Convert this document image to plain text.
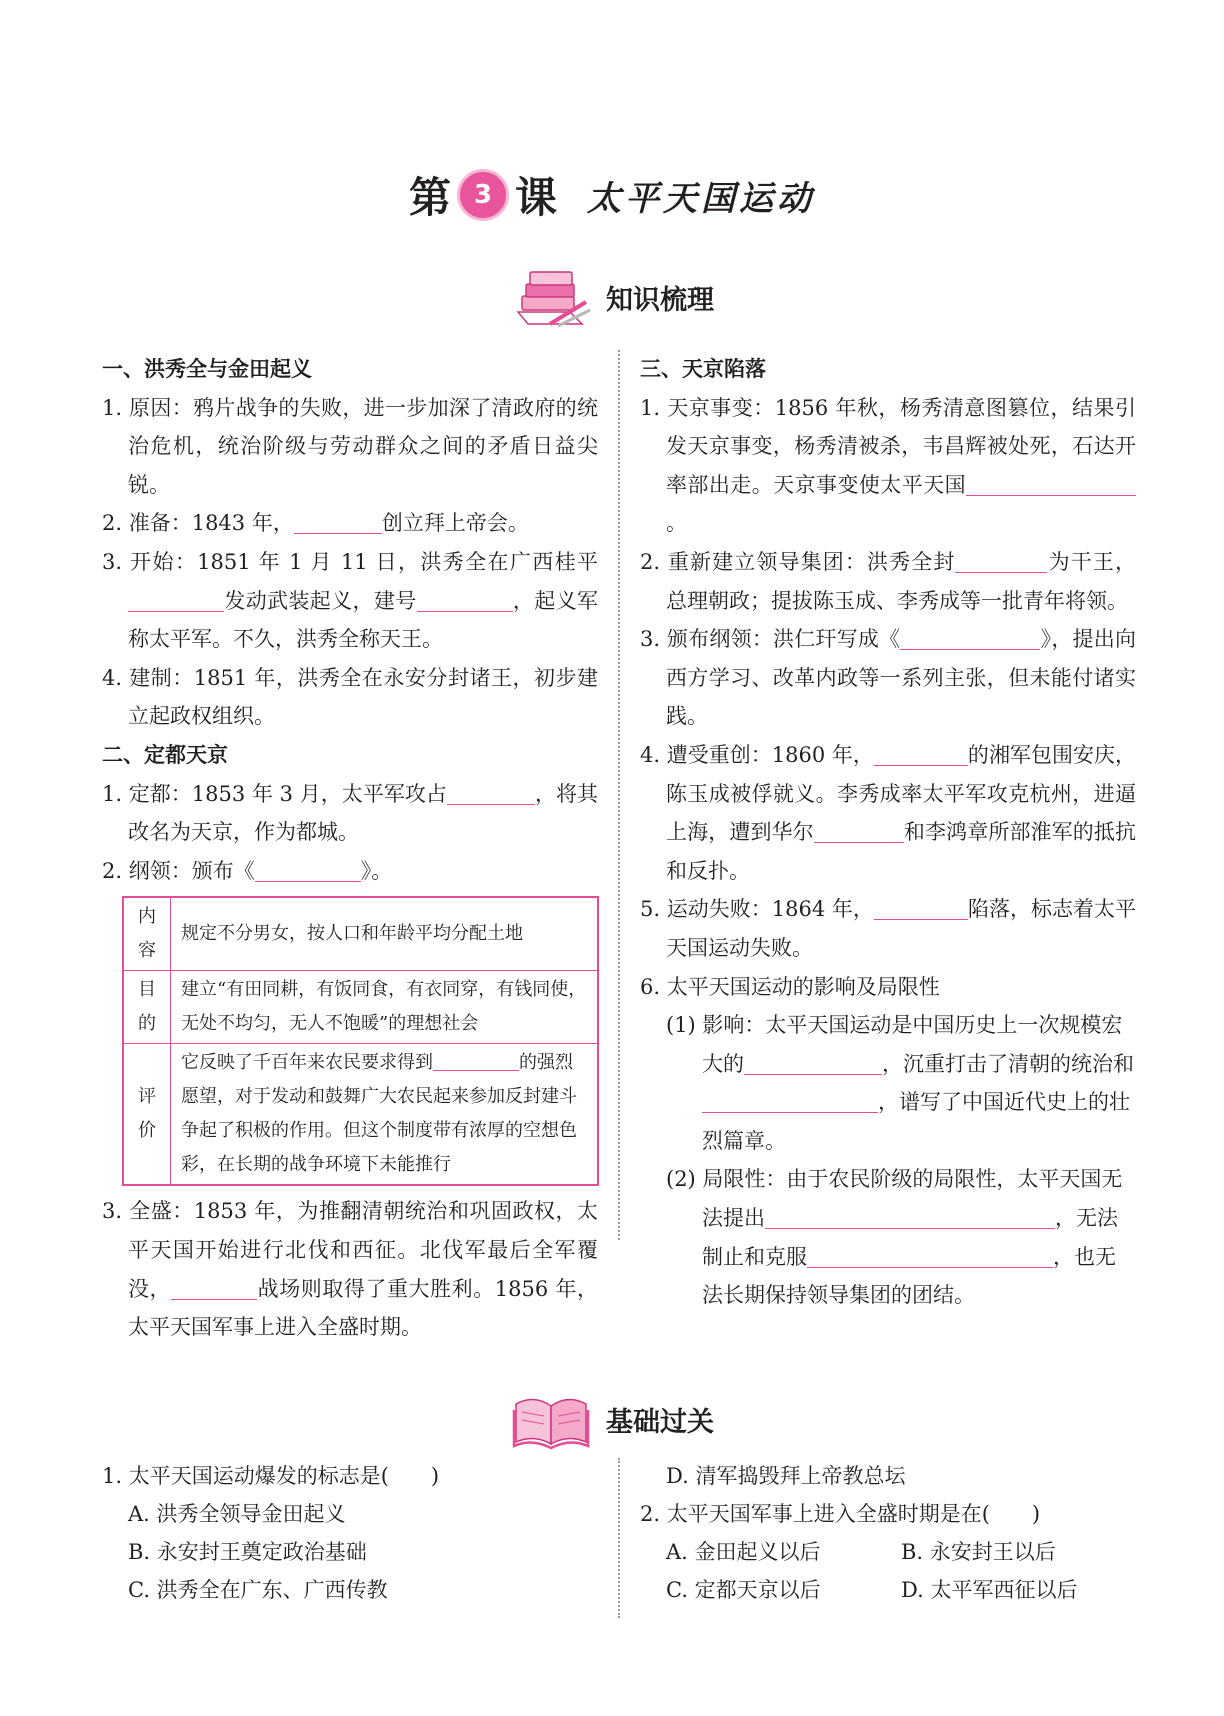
第 3 课 太平天国运动
知识梳理
一、洪秀全与金田起义
1. 原因：鸦片战争的失败，进一步加深了清政府的统治危机，统治阶级与劳动群众之间的矛盾日益尖锐。
2. 准备：1843 年，	创立拜上帝会。
3. 开始：1851 年 1 月 11 日，洪秀全在广西桂平发动武装起义，建号	，起义军称太平军。不久，洪秀全称天王。
4. 建制：1851 年，洪秀全在永安分封诸王，初步建立起政权组织。
二、定都天京
1. 定都：1853 年 3 月，太平军攻占	，将其改名为天京，作为都城。
2. 纲领：颁布《	》。
内容	规定不分男女，按人口和年龄平均分配土地
目的	建立“有田同耕，有饭同食，有衣同穿，有钱同使，无处不均匀，无人不饱暖”的理想社会
评价	它反映了千百年来农民要求得到 的强烈愿望，对于发动和鼓舞广大农民起来参加反封建斗争起了积极的作用。但这个制度带有浓厚的空想色彩，在长期的战争环境下未能推行
3. 全盛：1853 年，为推翻清朝统治和巩固政权，太平天国开始进行北伐和西征。北伐军最后全军覆没，	战场则取得了重大胜利。1856 年，太平天国军事上进入全盛时期。
三、天京陷落
1. 天京事变：1856 年秋，杨秀清意图篡位，结果引发天京事变，杨秀清被杀，韦昌辉被处死，石达开率部出走。天京事变使太平天国。
2. 重新建立领导集团：洪秀全封	为干王，总理朝政；提拔陈玉成、李秀成等一批青年将领。
3. 颁布纲领：洪仁玕写成《	》，提出向西方学习、改革内政等一系列主张，但未能付诸实践。
4. 遭受重创：1860 年，	的湘军包围安庆，陈玉成被俘就义。李秀成率太平军攻克杭州，进逼上海，遭到华尔	和李鸿章所部淮军的抵抗和反扑。
5. 运动失败：1864 年，	陷落，标志着太平天国运动失败。
6. 太平天国运动的影响及局限性
(1) 影响：太平天国运动是中国历史上一次规模宏大的	，沉重打击了清朝的统治和，谱写了中国近代史上的壮烈篇章。
(2) 局限性：由于农民阶级的局限性，太平天国无法提出	，无法制止和克服	，也无法长期保持领导集团的团结。
基础过关
1. 太平天国运动爆发的标志是(　　)
A. 洪秀全领导金田起义
B. 永安封王奠定政治基础
C. 洪秀全在广东、广西传教
D. 清军捣毁拜上帝教总坛
2. 太平天国军事上进入全盛时期是在(　　)
A. 金田起义以后	B. 永安封王以后
C. 定都天京以后	D. 太平军西征以后
